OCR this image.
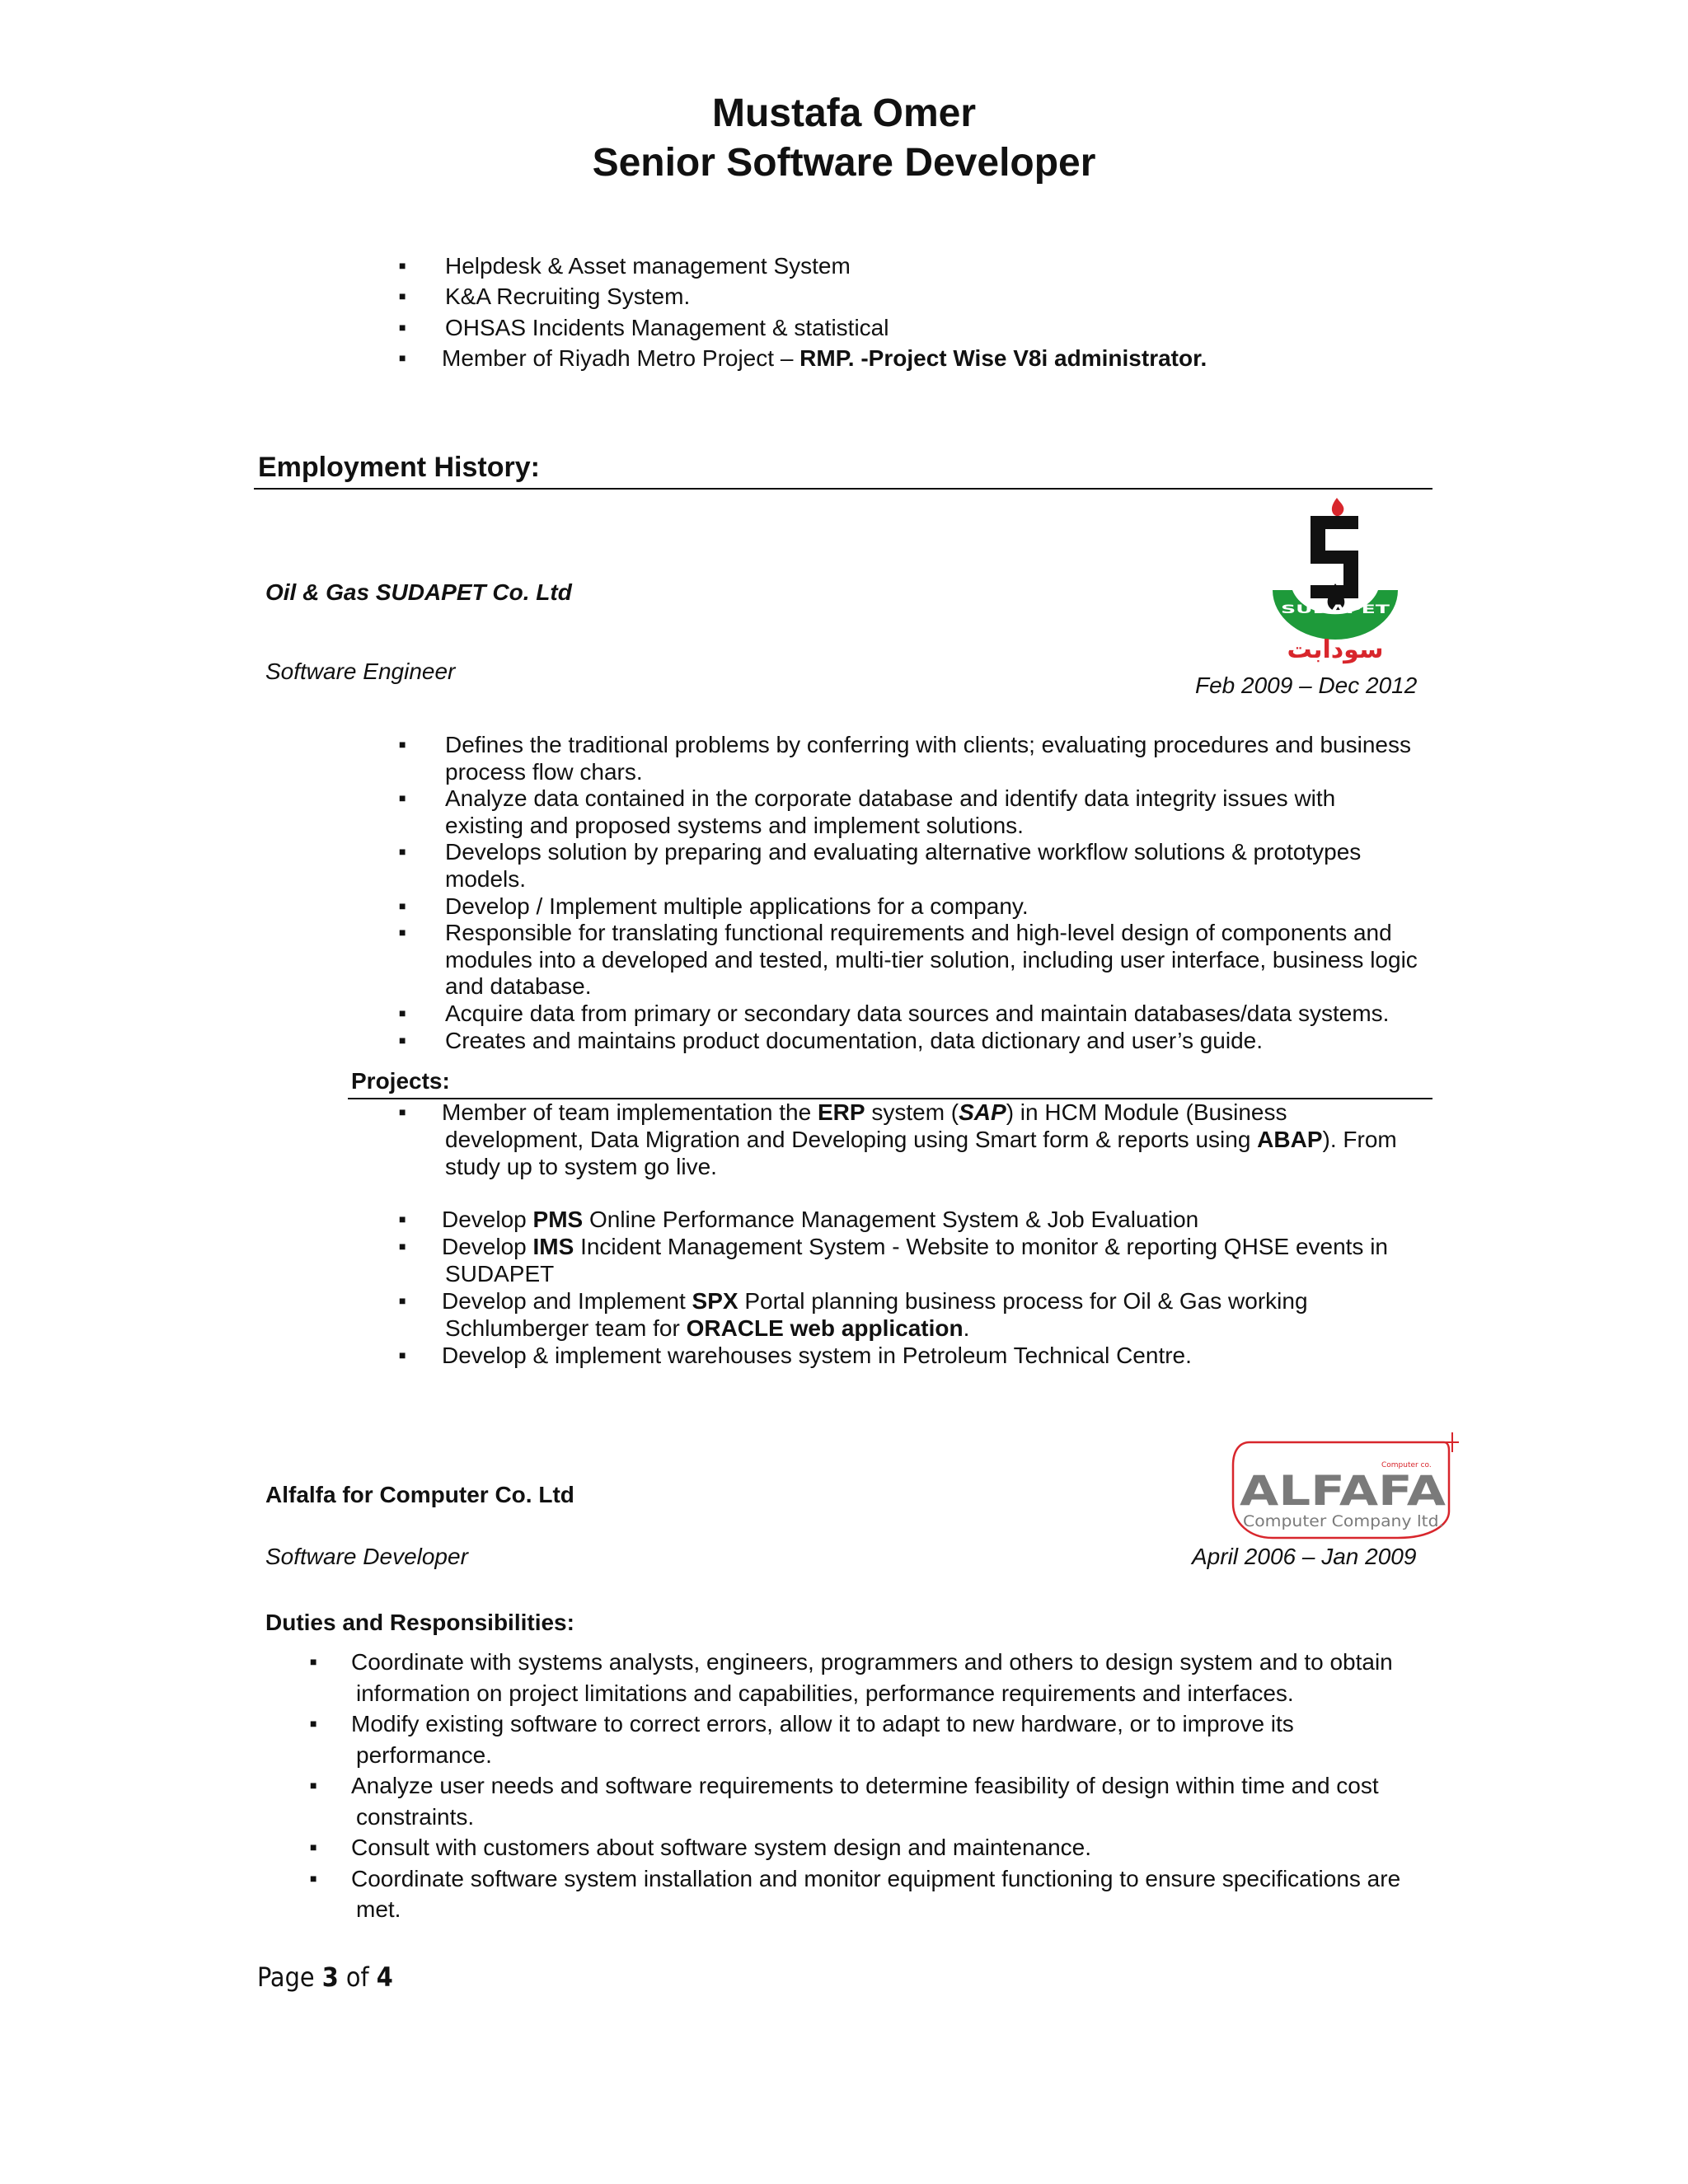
Mustafa Omer
Senior Software Developer
■ Helpdesk & Asset management System
■ K&A Recruiting System.
■ OHSAS Incidents Management & statistical
■ Member of Riyadh Metro Project – RMP. -Project Wise V8i administrator.
Employment History:
Oil & Gas SUDAPET Co. Ltd
Software Engineer
Feb 2009 – Dec 2012
SUDAPET
سودابت
■ Defines the traditional problems by conferring with clients; evaluating procedures and business
process flow chars.
■ Analyze data contained in the corporate database and identify data integrity issues with
existing and proposed systems and implement solutions.
■ Develops solution by preparing and evaluating alternative workflow solutions & prototypes
models.
■ Develop / Implement multiple applications for a company.
■ Responsible for translating functional requirements and high-level design of components and
modules into a developed and tested, multi-tier solution, including user interface, business logic
and database.
■ Acquire data from primary or secondary data sources and maintain databases/data systems.
■ Creates and maintains product documentation, data dictionary and user’s guide.
Projects:
■ Member of team implementation the ERP system (SAP) in HCM Module (Business
development, Data Migration and Developing using Smart form & reports using ABAP). From
study up to system go live.
■ Develop PMS Online Performance Management System & Job Evaluation
■ Develop IMS Incident Management System - Website to monitor & reporting QHSE events in
SUDAPET
■ Develop and Implement SPX Portal planning business process for Oil & Gas working
Schlumberger team for ORACLE web application.
■ Develop & implement warehouses system in Petroleum Technical Centre.
Alfalfa for Computer Co. Ltd
Software Developer	April 2006 – Jan 2009
Computer co.
ALFAFA
Computer Company ltd.
Duties and Responsibilities:
■ Coordinate with systems analysts, engineers, programmers and others to design system and to obtain
information on project limitations and capabilities, performance requirements and interfaces.
■ Modify existing software to correct errors, allow it to adapt to new hardware, or to improve its
performance.
■ Analyze user needs and software requirements to determine feasibility of design within time and cost
constraints.
■ Consult with customers about software system design and maintenance.
■ Coordinate software system installation and monitor equipment functioning to ensure specifications are
met.
Page 3 of 4
